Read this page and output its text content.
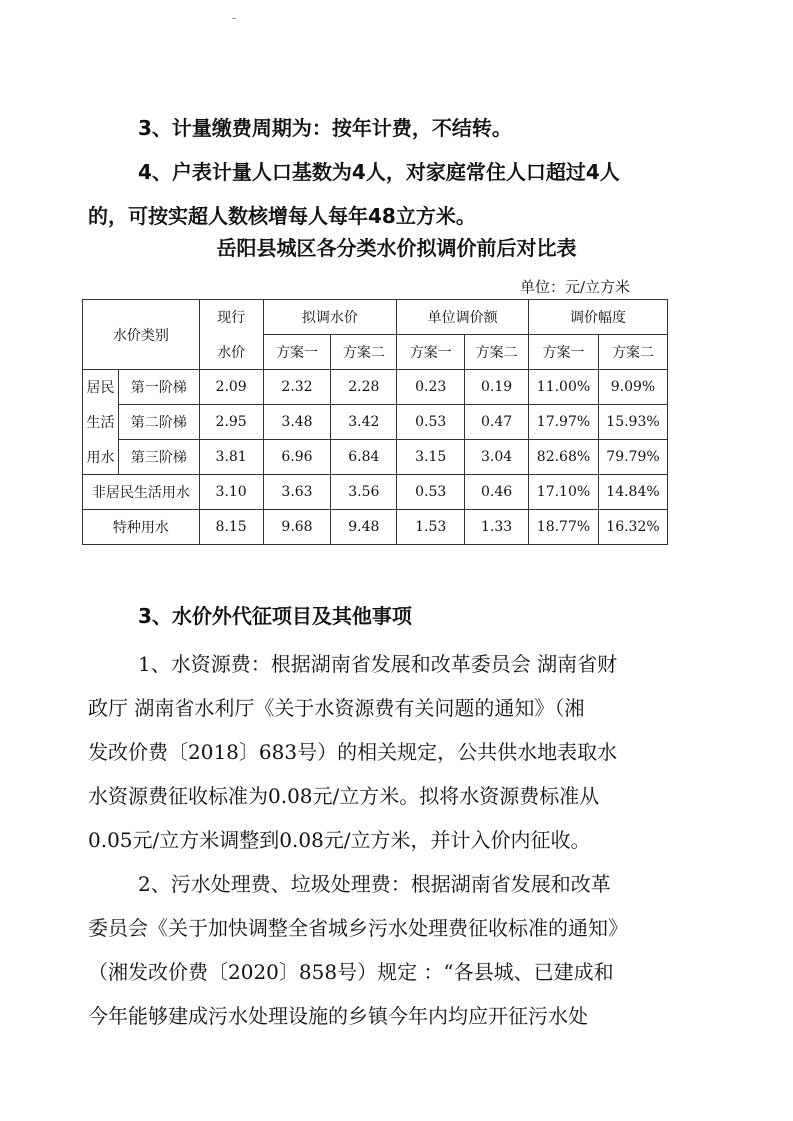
3、计量缴费周期为：按年计费，不结转。
4、户表计量人口基数为4人，对家庭常住人口超过4人
的，可按实超人数核增每人每年48立方米。
岳阳县城区各分类水价拟调价前后对比表
单位：元/立方米
水价类别		现行	拟调水价		单位调价额		调价幅度	
		水价	方案一	方案二	方案一	方案二	方案一	方案二
居民	第一阶梯	2.09	2.32	2.28	0.23	0.19	11.00%	9.09%
生活	第二阶梯	2.95	3.48	3.42	0.53	0.47	17.97%	15.93%
用水	第三阶梯	3.81	6.96	6.84	3.15	3.04	82.68%	79.79%
非居民生活用水		3.10	3.63	3.56	0.53	0.46	17.10%	14.84%
特种用水		8.15	9.68	9.48	1.53	1.33	18.77%	16.32%
3、水价外代征项目及其他事项
1、水资源费：根据湖南省发展和改革委员会 湖南省财
政厅 湖南省水利厅《关于水资源费有关问题的通知》（湘
发改价费〔2018〕683号）的相关规定，公共供水地表取水
水资源费征收标准为0.08元/立方米。拟将水资源费标准从
0.05元/立方米调整到0.08元/立方米，并计入价内征收。
2、污水处理费、垃圾处理费：根据湖南省发展和改革
委员会《关于加快调整全省城乡污水处理费征收标准的通知》
（湘发改价费〔2020〕858号）规定 ：“各县城、已建成和
今年能够建成污水处理设施的乡镇今年内均应开征污水处
